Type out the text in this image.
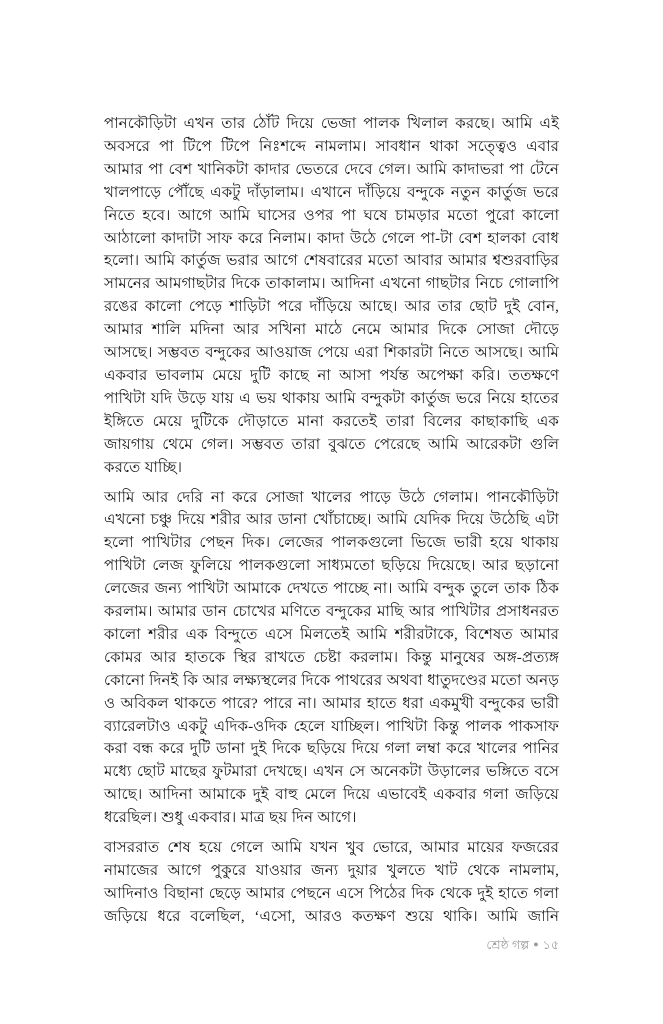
পানকৌড়িটা এখন তার ঠোঁট দিয়ে ভেজা পালক খিলাল করছে। আমি এই অবসরে পা টিপে টিপে নিঃশব্দে নামলাম। সাবধান থাকা সত্ত্বেও এবার আমার পা বেশ খানিকটা কাদার ভেতরে দেবে গেল। আমি কাদাভরা পা টেনে খালপাড়ে পৌঁছে একটু দাঁড়ালাম। এখানে দাঁড়িয়ে বন্দুকে নতুন কার্তুজ ভরে নিতে হবে। আগে আমি ঘাসের ওপর পা ঘষে চামড়ার মতো পুরো কালো আঠালো কাদাটা সাফ করে নিলাম। কাদা উঠে গেলে পা-টা বেশ হালকা বোধ হলো। আমি কার্তুজ ভরার আগে শেষবারের মতো আবার আমার শ্বশুরবাড়ির সামনের আমগাছটার দিকে তাকালাম। আদিনা এখনো গাছটার নিচে গোলাপি রঙের কালো পেড়ে শাড়িটা পরে দাঁড়িয়ে আছে। আর তার ছোট দুই বোন, আমার শালি মদিনা আর সখিনা মাঠে নেমে আমার দিকে সোজা দৌড়ে আসছে। সম্ভবত বন্দুকের আওয়াজ পেয়ে এরা শিকারটা নিতে আসছে। আমি একবার ভাবলাম মেয়ে দুটি কাছে না আসা পর্যন্ত অপেক্ষা করি। ততক্ষণে পাখিটা যদি উড়ে যায় এ ভয় থাকায় আমি বন্দুকটা কার্তুজ ভরে নিয়ে হাতের ইঙ্গিতে মেয়ে দুটিকে দৌড়াতে মানা করতেই তারা বিলের কাছাকাছি এক জায়গায় থেমে গেল। সম্ভবত তারা বুঝতে পেরেছে আমি আরেকটা গুলি করতে যাচ্ছি।

আমি আর দেরি না করে সোজা খালের পাড়ে উঠে গেলাম। পানকৌড়িটা এখনো চঞ্চু দিয়ে শরীর আর ডানা খোঁচাচ্ছে। আমি যেদিক দিয়ে উঠেছি এটা হলো পাখিটার পেছন দিক। লেজের পালকগুলো ভিজে ভারী হয়ে থাকায় পাখিটা লেজ ফুলিয়ে পালকগুলো সাধ্যমতো ছড়িয়ে দিয়েছে। আর ছড়ানো লেজের জন্য পাখিটা আমাকে দেখতে পাচ্ছে না। আমি বন্দুক তুলে তাক ঠিক করলাম। আমার ডান চোখের মণিতে বন্দুকের মাছি আর পাখিটার প্রসাধনরত কালো শরীর এক বিন্দুতে এসে মিলতেই আমি শরীরটাকে, বিশেষত আমার কোমর আর হাতকে স্থির রাখতে চেষ্টা করলাম। কিন্তু মানুষের অঙ্গ-প্রত্যঙ্গ কোনো দিনই কি আর লক্ষ্যস্থলের দিকে পাথরের অথবা ধাতুদণ্ডের মতো অনড় ও অবিকল থাকতে পারে? পারে না। আমার হাতে ধরা একমুখী বন্দুকের ভারী ব্যারেলটাও একটু এদিক-ওদিক হেলে যাচ্ছিল। পাখিটা কিন্তু পালক পাকসাফ করা বন্ধ করে দুটি ডানা দুই দিকে ছড়িয়ে দিয়ে গলা লম্বা করে খালের পানির মধ্যে ছোট মাছের ফুটমারা দেখছে। এখন সে অনেকটা উড়ালের ভঙ্গিতে বসে আছে। আদিনা আমাকে দুই বাহু মেলে দিয়ে এভাবেই একবার গলা জড়িয়ে ধরেছিল। শুধু একবার। মাত্র ছয় দিন আগে।

বাসররাত শেষ হয়ে গেলে আমি যখন খুব ভোরে, আমার মায়ের ফজরের নামাজের আগে পুকুরে যাওয়ার জন্য দুয়ার খুলতে খাট থেকে নামলাম, আদিনাও বিছানা ছেড়ে আমার পেছনে এসে পিঠের দিক থেকে দুই হাতে গলা জড়িয়ে ধরে বলেছিল, ‘এসো, আরও কতক্ষণ শুয়ে থাকি। আমি জানি

শ্রেষ্ঠ গল্প ● ১৫
